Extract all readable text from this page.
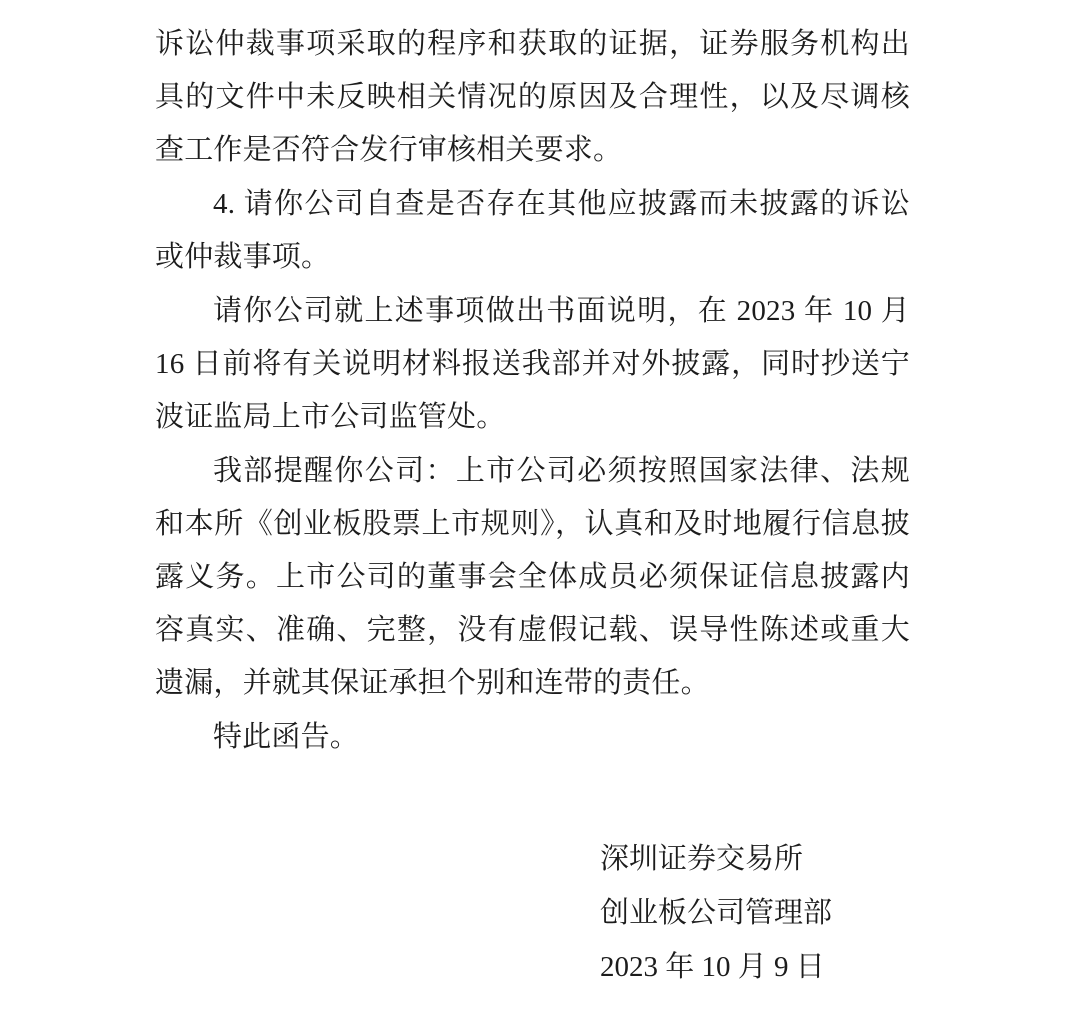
诉讼仲裁事项采取的程序和获取的证据，证券服务机构出具的文件中未反映相关情况的原因及合理性，以及尽调核查工作是否符合发行审核相关要求。

4. 请你公司自查是否存在其他应披露而未披露的诉讼或仲裁事项。

请你公司就上述事项做出书面说明，在 2023 年 10 月 16 日前将有关说明材料报送我部并对外披露，同时抄送宁波证监局上市公司监管处。

我部提醒你公司：上市公司必须按照国家法律、法规和本所《创业板股票上市规则》，认真和及时地履行信息披露义务。上市公司的董事会全体成员必须保证信息披露内容真实、准确、完整，没有虚假记载、误导性陈述或重大遗漏，并就其保证承担个别和连带的责任。

特此函告。

深圳证券交易所

创业板公司管理部

2023 年 10 月 9 日
